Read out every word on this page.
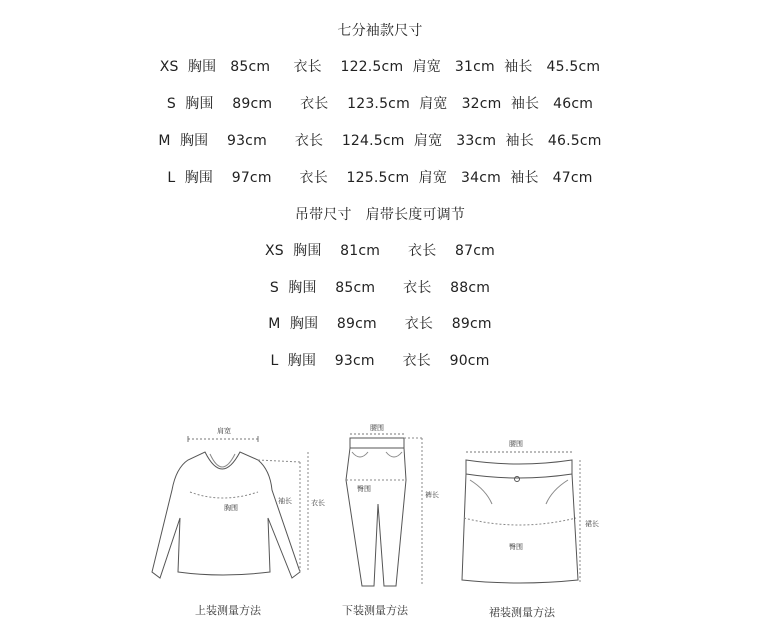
七分袖款尺寸
XS  胸围   85cm     衣长    122.5cm  肩宽   31cm  袖长   45.5cm
S  胸围    89cm      衣长    123.5cm  肩宽   32cm  袖长   46cm
M  胸围    93cm      衣长    124.5cm  肩宽   33cm  袖长   46.5cm
L  胸围    97cm      衣长    125.5cm  肩宽   34cm  袖长   47cm
吊带尺寸   肩带长度可调节
XS  胸围    81cm      衣长    87cm
S  胸围    85cm      衣长    88cm
M  胸围    89cm      衣长    89cm
L  胸围    93cm      衣长    90cm
肩宽
袖长	衣长
胸围
上装测量方法
腰围
臀围
裤长
下装测量方法
腰围
臀围
裙长
裙装测量方法
